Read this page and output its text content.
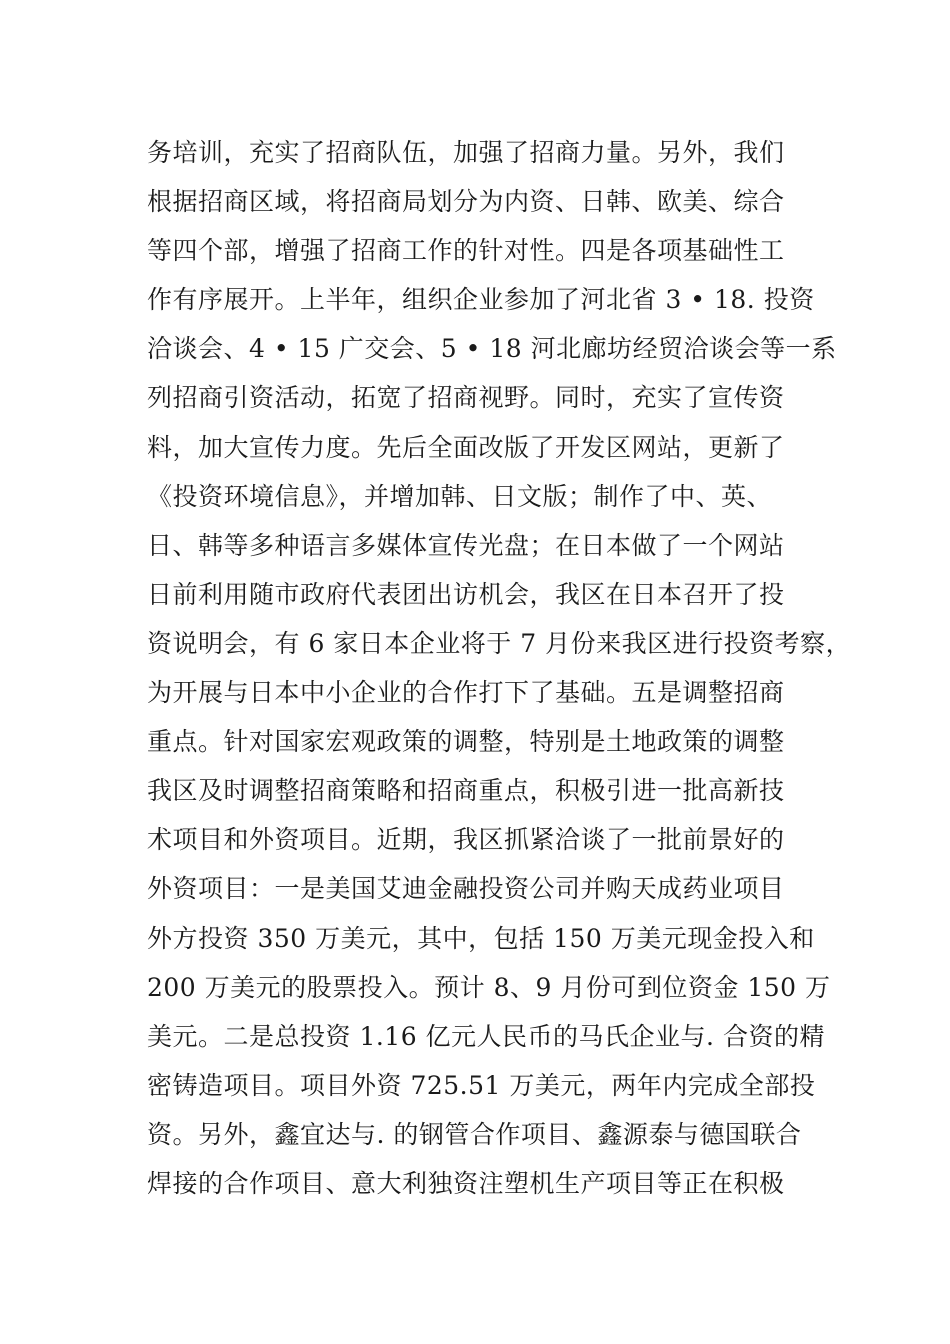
务培训，充实了招商队伍，加强了招商力量。另外，我们
根据招商区域，将招商局划分为内资、日韩、欧美、综合
等四个部，增强了招商工作的针对性。四是各项基础性工
作有序展开。上半年，组织企业参加了河北省 3 • 18. 投资
洽谈会、4 • 15 广交会、5 • 18 河北廊坊经贸洽谈会等一系
列招商引资活动，拓宽了招商视野。同时，充实了宣传资
料，加大宣传力度。先后全面改版了开发区网站，更新了
《投资环境信息》，并增加韩、日文版；制作了中、英、
日、韩等多种语言多媒体宣传光盘；在日本做了一个网站
日前利用随市政府代表团出访机会，我区在日本召开了投
资说明会，有 6 家日本企业将于 7 月份来我区进行投资考察，
为开展与日本中小企业的合作打下了基础。五是调整招商
重点。针对国家宏观政策的调整，特别是土地政策的调整
我区及时调整招商策略和招商重点，积极引进一批高新技
术项目和外资项目。近期，我区抓紧洽谈了一批前景好的
外资项目：一是美国艾迪金融投资公司并购天成药业项目
外方投资 350 万美元，其中，包括 150 万美元现金投入和
200 万美元的股票投入。预计 8、9 月份可到位资金 150 万
美元。二是总投资 1.16 亿元人民币的马氏企业与. 合资的精
密铸造项目。项目外资 725.51 万美元，两年内完成全部投
资。另外，鑫宜达与. 的钢管合作项目、鑫源泰与德国联合
焊接的合作项目、意大利独资注塑机生产项目等正在积极
